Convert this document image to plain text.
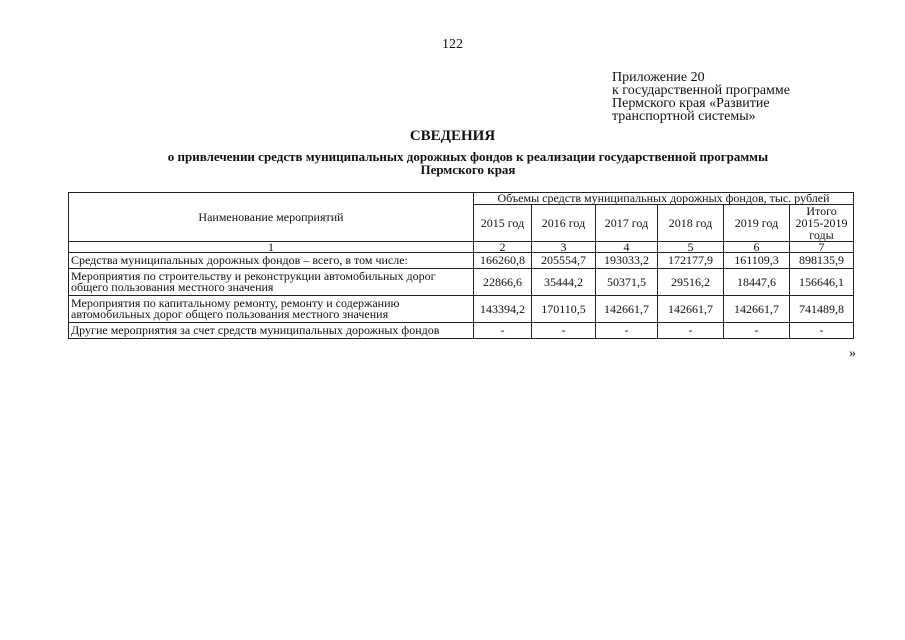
122
Приложение 20
к государственной программе
Пермского края «Развитие
транспортной системы»
СВЕДЕНИЯ
о привлечении средств муниципальных дорожных фондов к реализации государственной программы
Пермского края
Наименование мероприятий	Объемы средств муниципальных дорожных фондов, тыс. рублей					
	2015 год	2016 год	2017 год	2018 год	2019 год	Итого
2015-2019
годы

1	2	3	4	5	6	7

Средства муниципальных дорожных фондов – всего, в том числе:	166260,8	205554,7	193033,2	172177,9	161109,3	898135,9

Мероприятия по строительству и реконструкции автомобильных дорог
общего пользования местного значения	22866,6	35444,2	50371,5	29516,2	18447,6	156646,1

Мероприятия по капитальному ремонту, ремонту и содержанию
автомобильных дорог общего пользования местного значения	143394,2	170110,5	142661,7	142661,7	142661,7	741489,8

Другие мероприятия за счет средств муниципальных дорожных фондов	-	-	-	-	-	-
»
